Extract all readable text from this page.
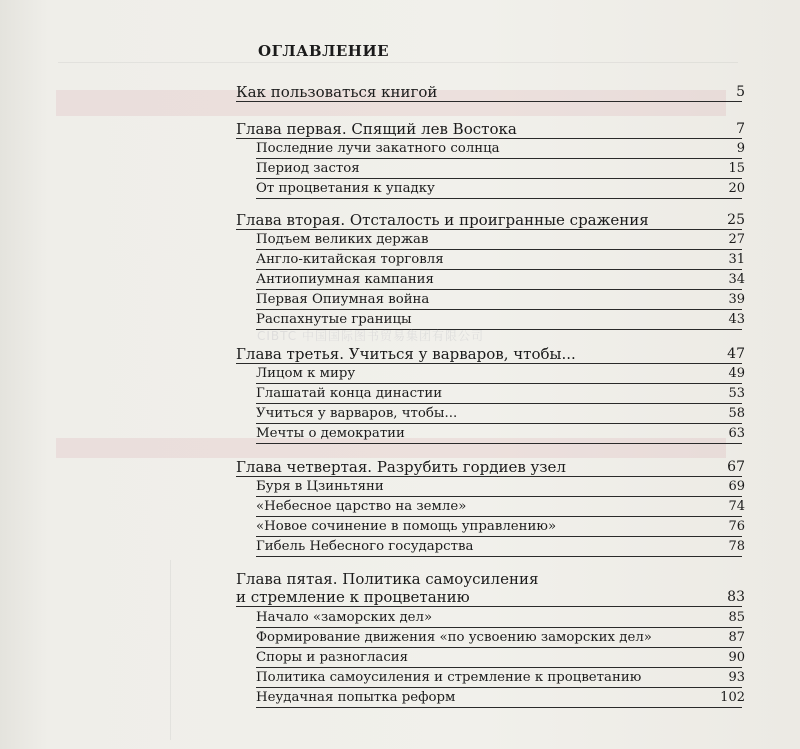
ОГЛАВЛЕНИЕ
Как пользоваться книгой	5
Глава первая. Спящий лев Востока	7
Последние лучи закатного солнца	9
Период застоя	15
От процветания к упадку	20
Глава вторая. Отсталость и проигранные сражения	25
Подъем великих держав	27
Англо-китайская торговля	31
Антиопиумная кампания	34
Первая Опиумная война	39
Распахнутые границы	43
Глава третья. Учиться у варваров, чтобы...	47
Лицом к миру	49
Глашатай конца династии	53
Учиться у варваров, чтобы...	58
Мечты о демократии	63
Глава четвертая. Разрубить гордиев узел	67
Буря в Цзиньтяни	69
«Небесное царство на земле»	74
«Новое сочинение в помощь управлению»	76
Гибель Небесного государства	78
Глава пятая. Политика самоусиления
и стремление к процветанию	83
Начало «заморских дел»	85
Формирование движения «по усвоению заморских дел»	87
Споры и разногласия	90
Политика самоусиления и стремление к процветанию	93
Неудачная попытка реформ	102
CIBTC 中国国际图书贸易集团有限公司
